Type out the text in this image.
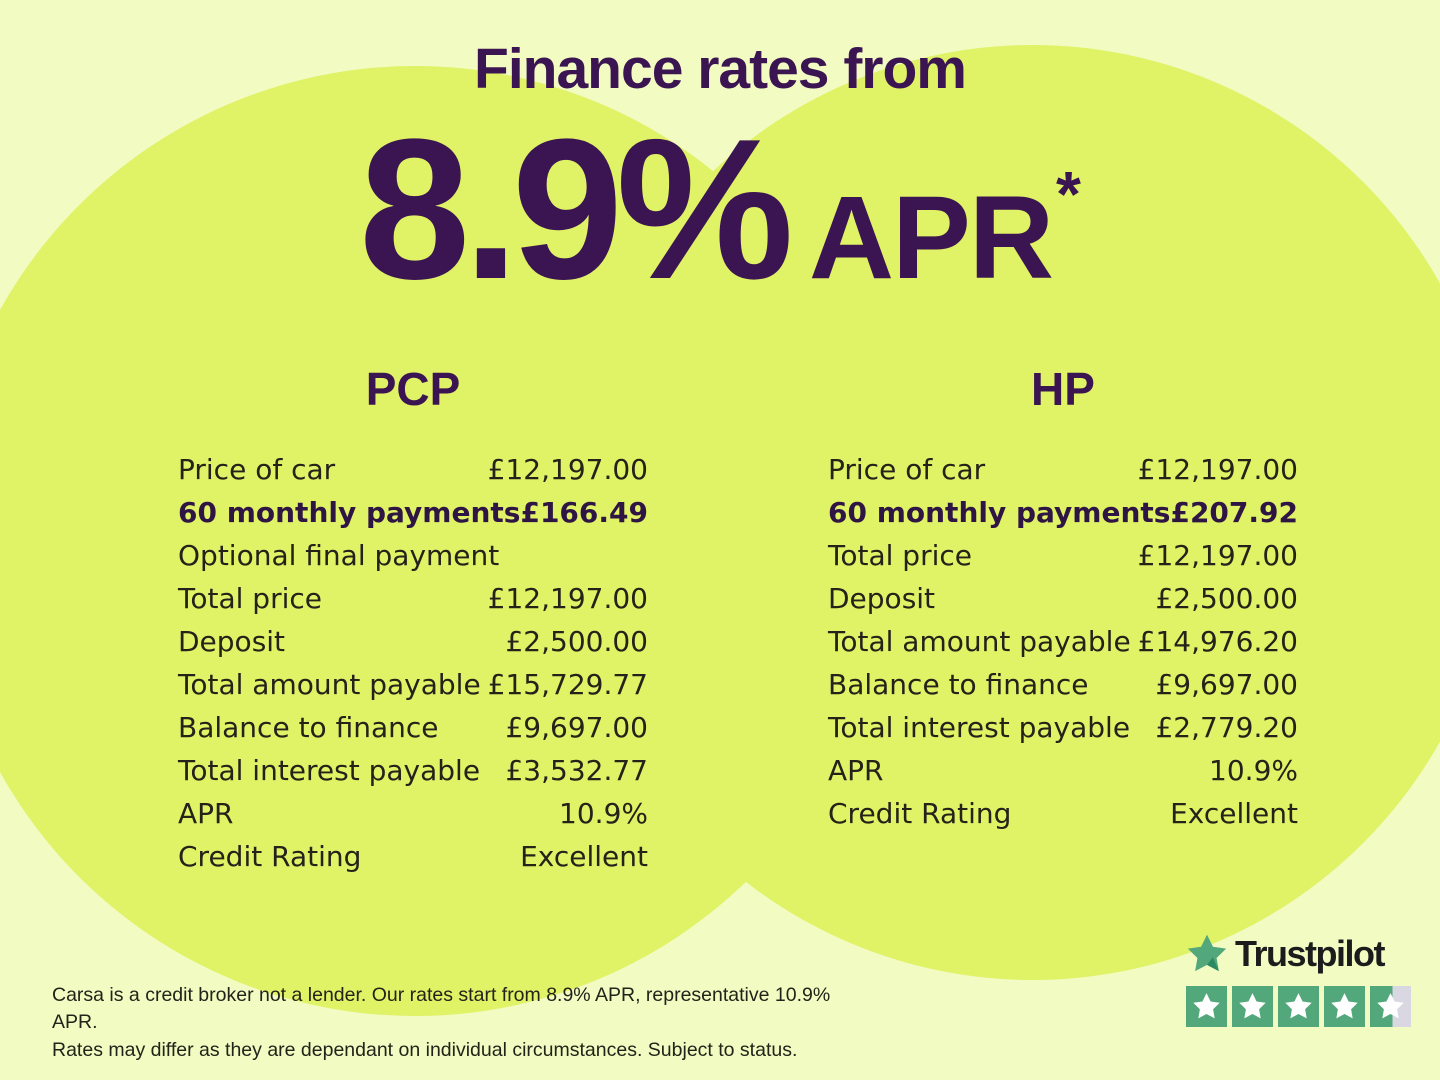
Finance rates from
8.9% APR *
PCP
Price of car	£12,197.00
60 monthly payments £166.49
Optional final payment
Total price	£12,197.00
Deposit	£2,500.00
Total amount payable £15,729.77
Balance to finance £9,697.00
Total interest payable £3,532.77
APR	10.9%
Credit Rating	Excellent
HP
Price of car	£12,197.00
60 monthly payments £207.92
Total price	£12,197.00
Deposit	£2,500.00
Total amount payable £14,976.20
Balance to finance £9,697.00
Total interest payable £2,779.20
APR	10.9%
Credit Rating	Excellent

Carsa is a credit broker not a lender. Our rates start from 8.9% APR, representative 10.9% APR.
Rates may differ as they are dependant on individual circumstances. Subject to status.

Trustpilot
